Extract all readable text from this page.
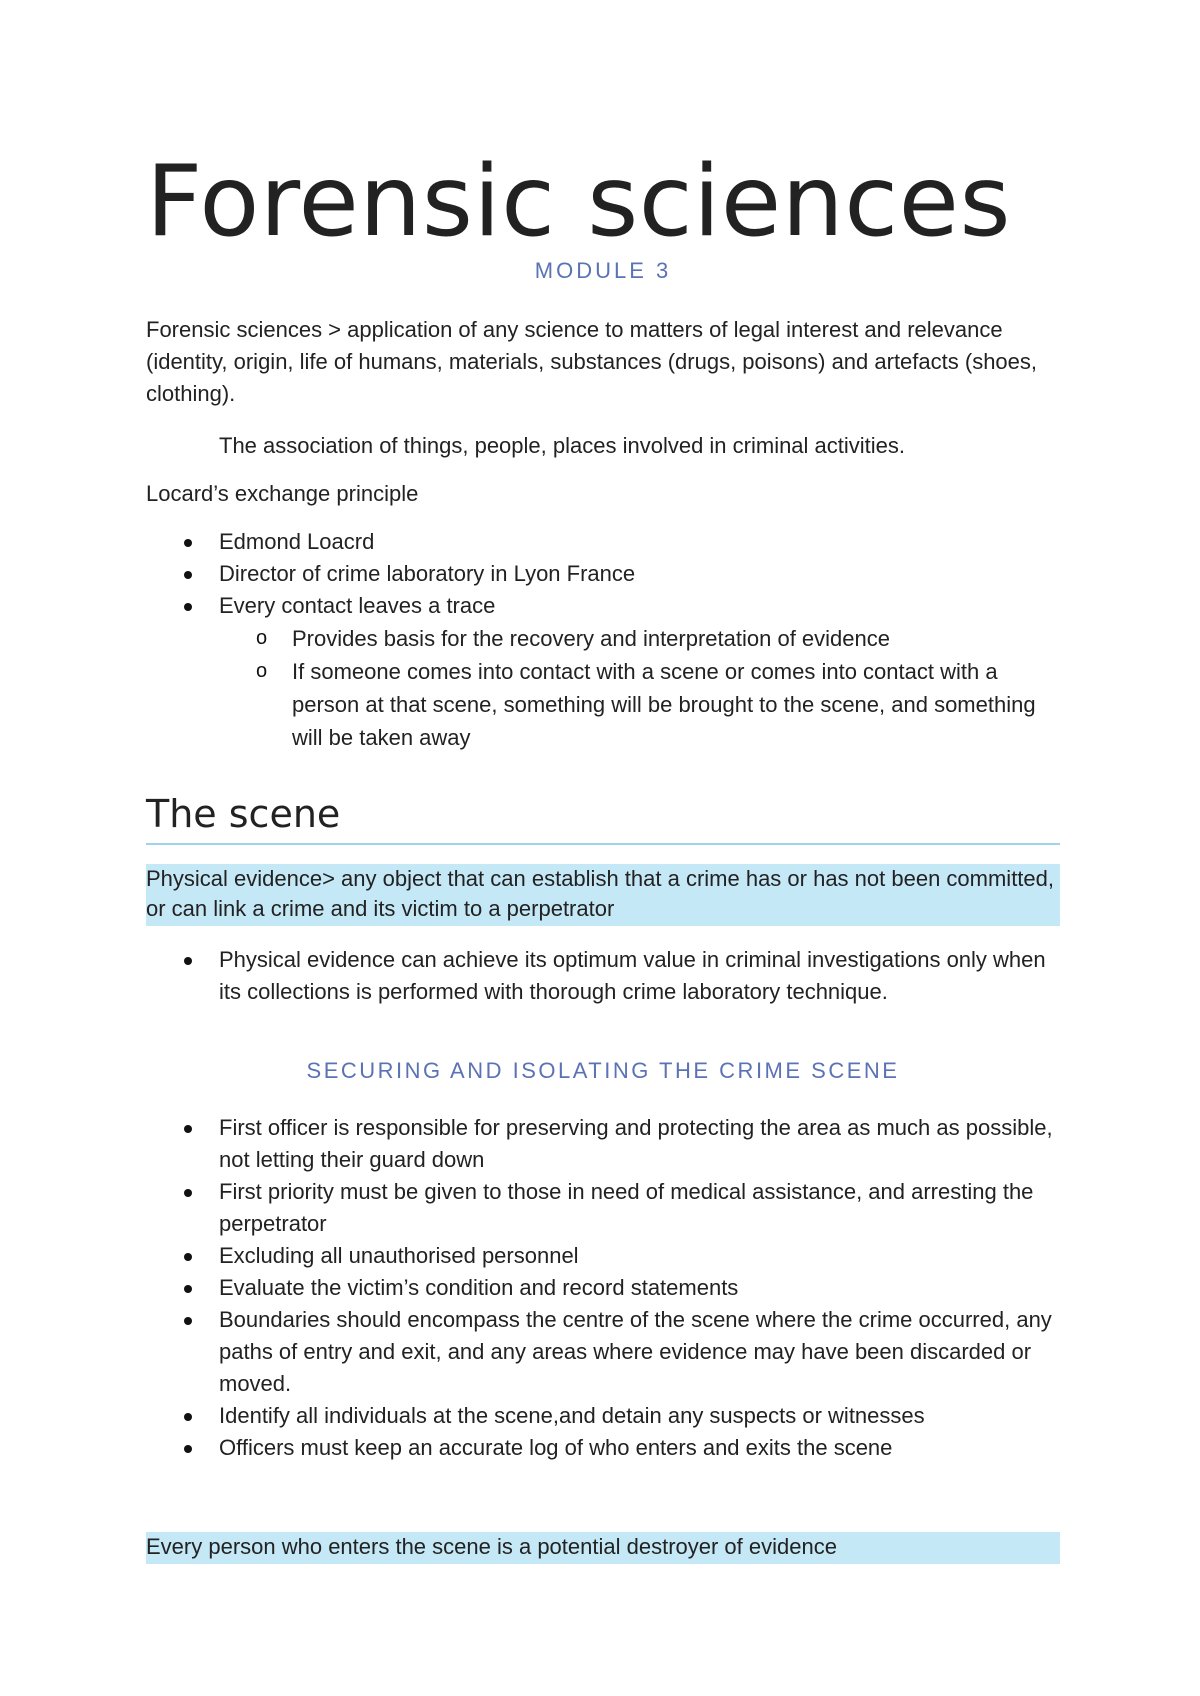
Forensic sciences
MODULE 3

Forensic sciences > application of any science to matters of legal interest and relevance (identity, origin, life of humans, materials, substances (drugs, poisons) and artefacts (shoes, clothing).

The association of things, people, places involved in criminal activities.

Locard’s exchange principle

Edmond Loacrd
Director of crime laboratory in Lyon France
Every contact leaves a trace
o Provides basis for the recovery and interpretation of evidence
o If someone comes into contact with a scene or comes into contact with a person at that scene, something will be brought to the scene, and something will be taken away
The scene

Physical evidence> any object that can establish that a crime has or has not been committed, or can link a crime and its victim to a perpetrator

Physical evidence can achieve its optimum value in criminal investigations only when its collections is performed with thorough crime laboratory technique.
SECURING AND ISOLATING THE CRIME SCENE
First officer is responsible for preserving and protecting the area as much as possible, not letting their guard down
First priority must be given to those in need of medical assistance, and arresting the perpetrator
Excluding all unauthorised personnel
Evaluate the victim’s condition and record statements
Boundaries should encompass the centre of the scene where the crime occurred, any paths of entry and exit, and any areas where evidence may have been discarded or moved.
Identify all individuals at the scene,and detain any suspects or witnesses
Officers must keep an accurate log of who enters and exits the scene

Every person who enters the scene is a potential destroyer of evidence
